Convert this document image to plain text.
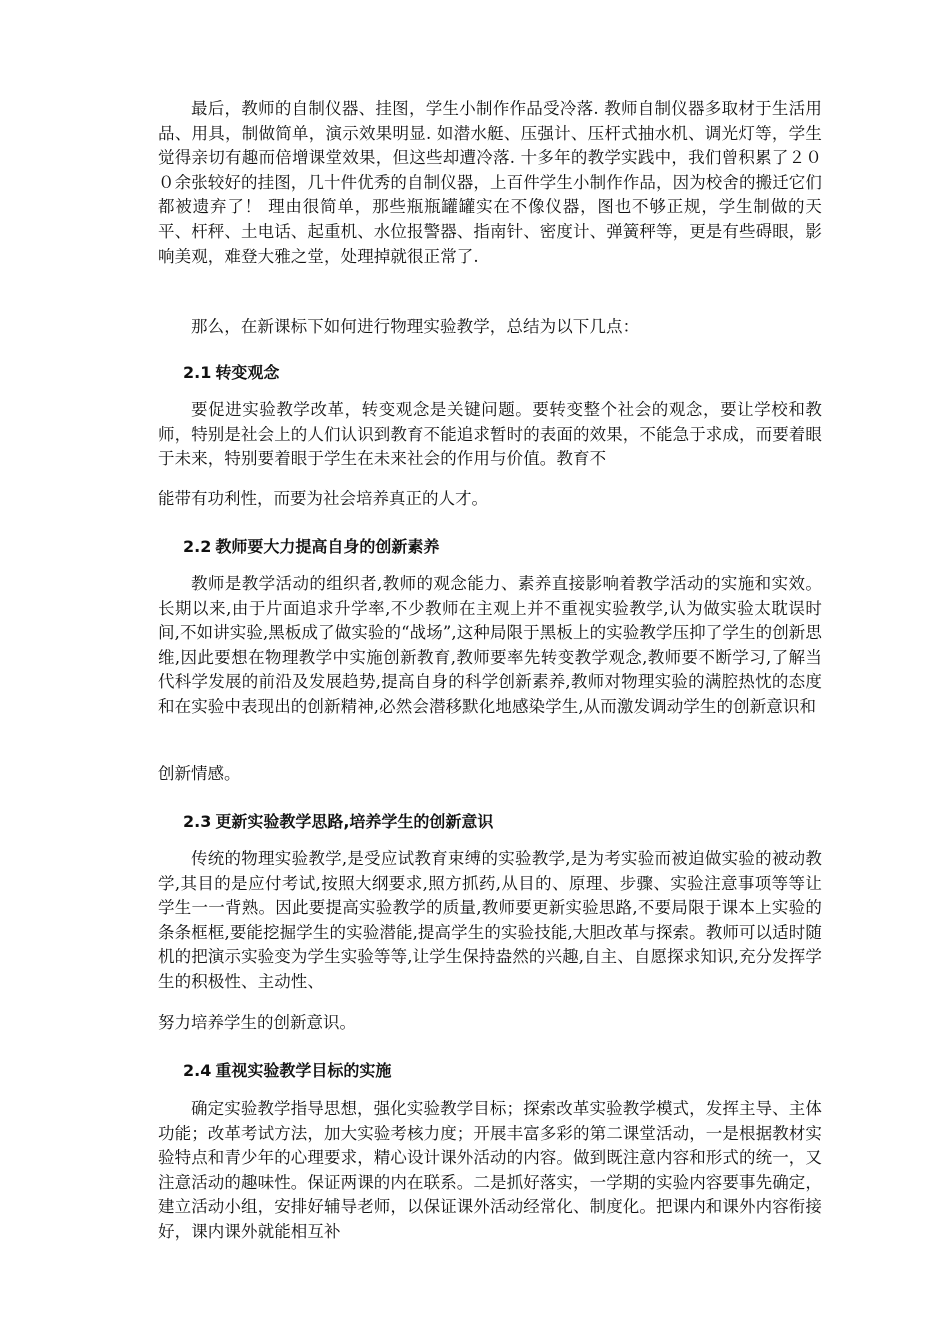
最后，教师的自制仪器、挂图，学生小制作作品受冷落. 教师自制仪器多取材于生活用品、用具，制做简单，演示效果明显. 如潜水艇、压强计、压杆式抽水机、调光灯等，学生觉得亲切有趣而倍增课堂效果，但这些却遭冷落. 十多年的教学实践中，我们曾积累了２００余张较好的挂图，几十件优秀的自制仪器，上百件学生小制作作品，因为校舍的搬迁它们都被遗弃了！ 理由很简单，那些瓶瓶罐罐实在不像仪器，图也不够正规，学生制做的天平、杆秤、土电话、起重机、水位报警器、指南针、密度计、弹簧秤等，更是有些碍眼，影响美观，难登大雅之堂，处理掉就很正常了.

那么，在新课标下如何进行物理实验教学，总结为以下几点：

2.1 转变观念

要促进实验教学改革，转变观念是关键问题。要转变整个社会的观念，要让学校和教师，特别是社会上的人们认识到教育不能追求暂时的表面的效果，不能急于求成，而要着眼于未来，特别要着眼于学生在未来社会的作用与价值。教育不

能带有功利性，而要为社会培养真正的人才。

2.2 教师要大力提高自身的创新素养

教师是教学活动的组织者,教师的观念能力、素养直接影响着教学活动的实施和实效。长期以来,由于片面追求升学率,不少教师在主观上并不重视实验教学,认为做实验太耽误时间,不如讲实验,黑板成了做实验的“战场”,这种局限于黑板上的实验教学压抑了学生的创新思维,因此要想在物理教学中实施创新教育,教师要率先转变教学观念,教师要不断学习,了解当代科学发展的前沿及发展趋势,提高自身的科学创新素养,教师对物理实验的满腔热忱的态度和在实验中表现出的创新精神,必然会潜移默化地感染学生,从而激发调动学生的创新意识和

创新情感。

2.3 更新实验教学思路,培养学生的创新意识

传统的物理实验教学,是受应试教育束缚的实验教学,是为考实验而被迫做实验的被动教学,其目的是应付考试,按照大纲要求,照方抓药,从目的、原理、步骤、实验注意事项等等让学生一一背熟。因此要提高实验教学的质量,教师要更新实验思路,不要局限于课本上实验的条条框框,要能挖掘学生的实验潜能,提高学生的实验技能,大胆改革与探索。教师可以适时随机的把演示实验变为学生实验等等,让学生保持盎然的兴趣,自主、自愿探求知识,充分发挥学生的积极性、主动性、

努力培养学生的创新意识。

2.4 重视实验教学目标的实施

确定实验教学指导思想，强化实验教学目标；探索改革实验教学模式，发挥主导、主体功能；改革考试方法，加大实验考核力度；开展丰富多彩的第二课堂活动，一是根据教材实验特点和青少年的心理要求，精心设计课外活动的内容。做到既注意内容和形式的统一，又注意活动的趣味性。保证两课的内在联系。二是抓好落实，一学期的实验内容要事先确定，建立活动小组，安排好辅导老师，以保证课外活动经常化、制度化。把课内和课外内容衔接好，课内课外就能相互补
